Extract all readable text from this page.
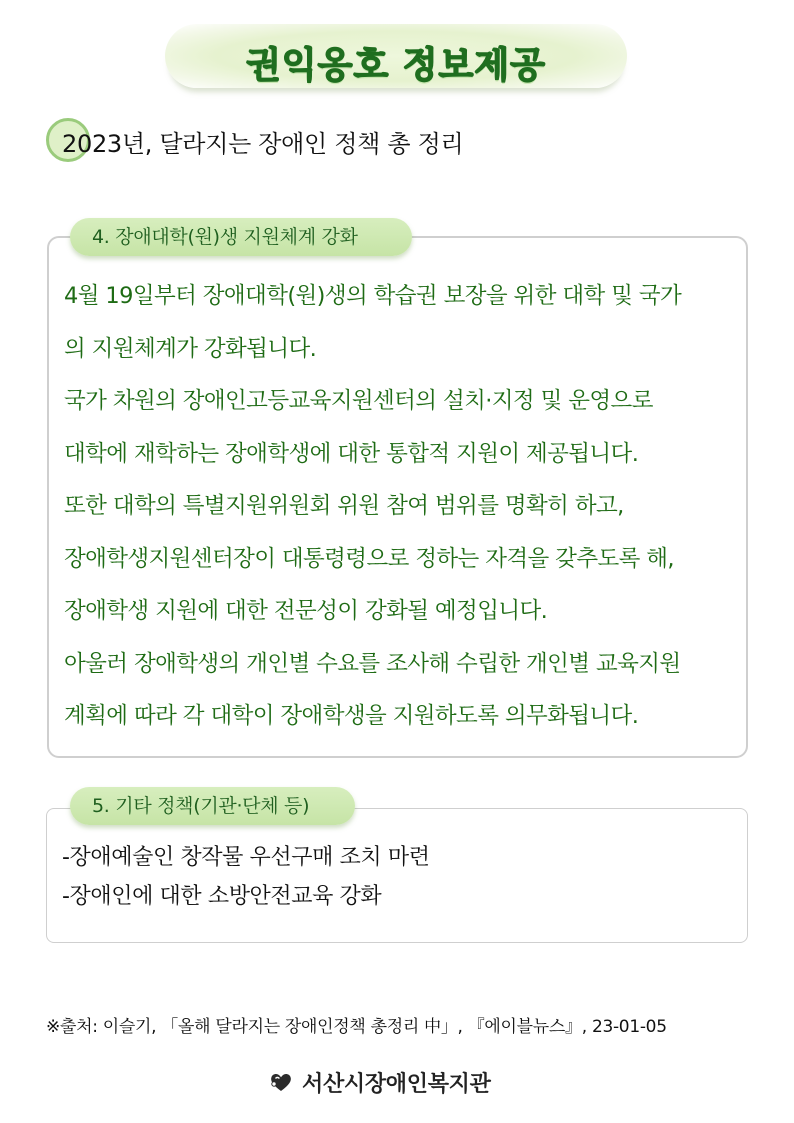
권익옹호 정보제공
2023년, 달라지는 장애인 정책 총 정리
4. 장애대학(원)생 지원체계 강화
4월 19일부터 장애대학(원)생의 학습권 보장을 위한 대학 및 국가
의 지원체계가 강화됩니다.
국가 차원의 장애인고등교육지원센터의 설치·지정 및 운영으로
대학에 재학하는 장애학생에 대한 통합적 지원이 제공됩니다.
또한 대학의 특별지원위원회 위원 참여 범위를 명확히 하고,
장애학생지원센터장이 대통령령으로 정하는 자격을 갖추도록 해,
장애학생 지원에 대한 전문성이 강화될 예정입니다.
아울러 장애학생의 개인별 수요를 조사해 수립한 개인별 교육지원
계획에 따라 각 대학이 장애학생을 지원하도록 의무화됩니다.
5. 기타 정책(기관·단체 등)
-장애예술인 창작물 우선구매 조치 마련
-장애인에 대한 소방안전교육 강화
※출처: 이슬기, 「올해 달라지는 장애인정책 총정리 中」, 『에이블뉴스』, 23-01-05
서산시장애인복지관
